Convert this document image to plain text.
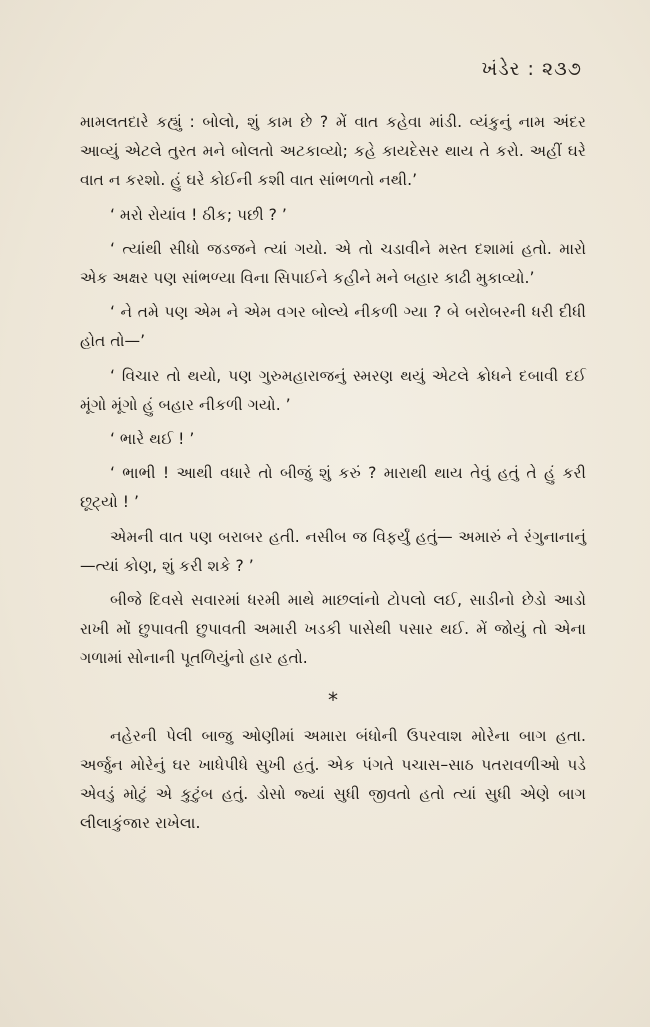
ખંડેર : ૨૩૭

મામલતદારે કહ્યું : બોલો, શું કામ છે ? મેં વાત કહેવા માંડી. વ્યંકુનું નામ અંદર આવ્યું એટલે તુરત મને બોલતો અટકાવ્યો; કહે કાયદેસર થાય તે કરો. અહીં ઘરે વાત ન કરશો. હું ઘરે કોઈની કશી વાત સાંભળતો નથી.’

‘ મરો રોયાંવ ! ઠીક; પછી ? ’

‘ ત્યાંથી સીધો જડજને ત્યાં ગયો. એ તો ચડાવીને મસ્ત દશામાં હતો. મારો એક અક્ષર પણ સાંભળ્યા વિના સિપાઈને કહીને મને બહાર કાઢી મુકાવ્યો.’

‘ ને તમે પણ એમ ને એમ વગર બોલ્યે નીકળી ગ્યા ? બે બરોબરની ધરી દીધી હોત તો—’

‘ વિચાર તો થયો, પણ ગુરુમહારાજનું સ્મરણ થયું એટલે ક્રોધને દબાવી દઈ મૂંગો મૂંગો હું બહાર નીકળી ગયો. ’

‘ ભારે થઈ ! ’

‘ ભાભી ! આથી વધારે તો બીજું શું કરું ? મારાથી થાય તેવું હતું તે હું કરી છૂટ્યો ! ’

એમની વાત પણ બરાબર હતી. નસીબ જ વિફર્યું હતું— અમારું ને રંગુનાનાનું—ત્યાં કોણ, શું કરી શકે ? ’

બીજે દિવસે સવારમાં ધરમી માથે માછલાંનો ટોપલો લઈ, સાડીનો છેડો આડો રાખી મોં છુપાવતી છુપાવતી અમારી ખડકી પાસેથી પસાર થઈ. મેં જોયું તો એના ગળામાં સોનાની પૂતળિયુંનો હાર હતો.

*

નહેરની પેલી બાજુ ઓણીમાં અમારા બંધોની ઉપરવાશ મોરેના બાગ હતા. અર્જુન મોરેનું ઘર ખાધેપીધે સુખી હતું. એક પંગતે પચાસ–સાઠ પતરાવળીઓ પડે એવડું મોટું એ કુટુંબ હતું. ડોસો જ્યાં સુધી જીવતો હતો ત્યાં સુધી એણે બાગ લીલાકુંજાર રાખેલા.
